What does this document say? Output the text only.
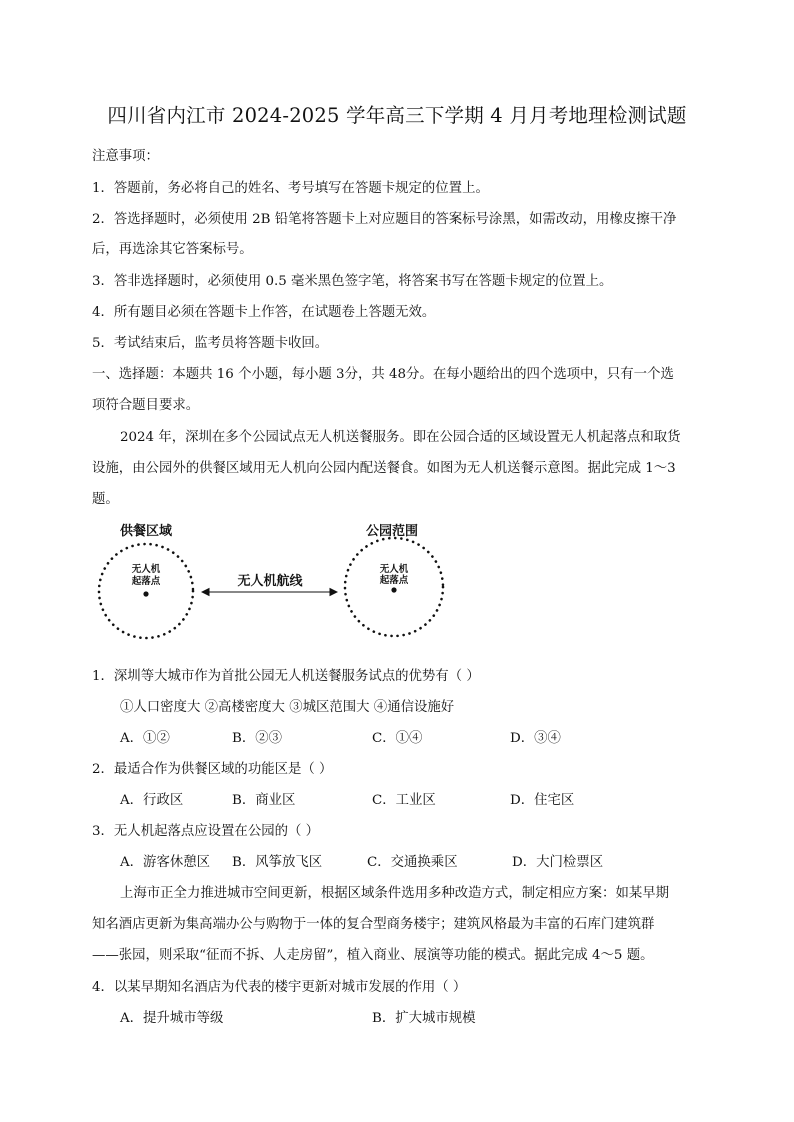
四川省内江市 2024-2025 学年高三下学期 4 月月考地理检测试题
注意事项：
1．答题前，务必将自己的姓名、考号填写在答题卡规定的位置上。
2．答选择题时，必须使用 2B 铅笔将答题卡上对应题目的答案标号涂黑，如需改动，用橡皮擦干净
后，再选涂其它答案标号。
3．答非选择题时，必须使用 0.5 毫米黑色签字笔，将答案书写在答题卡规定的位置上。
4．所有题目必须在答题卡上作答，在试题卷上答题无效。
5．考试结束后，监考员将答题卡收回。
一、选择题：本题共 16 个小题，每小题 3分，共 48分。在每小题给出的四个选项中，只有一个选
项符合题目要求。
2024 年，深圳在多个公园试点无人机送餐服务。即在公园合适的区域设置无人机起落点和取货
设施，由公园外的供餐区域用无人机向公园内配送餐食。如图为无人机送餐示意图。据此完成 1～3
题。
供餐区域	公园范围
无人机
起落点
无人机
起落点
无人机航线
1．深圳等大城市作为首批公园无人机送餐服务试点的优势有（ ）
①人口密度大 ②高楼密度大 ③城区范围大 ④通信设施好
A．①②	B．②③	C．①④	D．③④
2．最适合作为供餐区域的功能区是（ ）
A．行政区	B．商业区	C．工业区	D．住宅区
3．无人机起落点应设置在公园的（ ）
A．游客休憩区 B．风筝放飞区	C．交通换乘区	D．大门检票区
上海市正全力推进城市空间更新，根据区域条件选用多种改造方式，制定相应方案：如某早期
知名酒店更新为集高端办公与购物于一体的复合型商务楼宇；建筑风格最为丰富的石库门建筑群
——张园，则采取“征而不拆、人走房留”，植入商业、展演等功能的模式。据此完成 4～5 题。
4．以某早期知名酒店为代表的楼宇更新对城市发展的作用（ ）
A．提升城市等级	B．扩大城市规模
